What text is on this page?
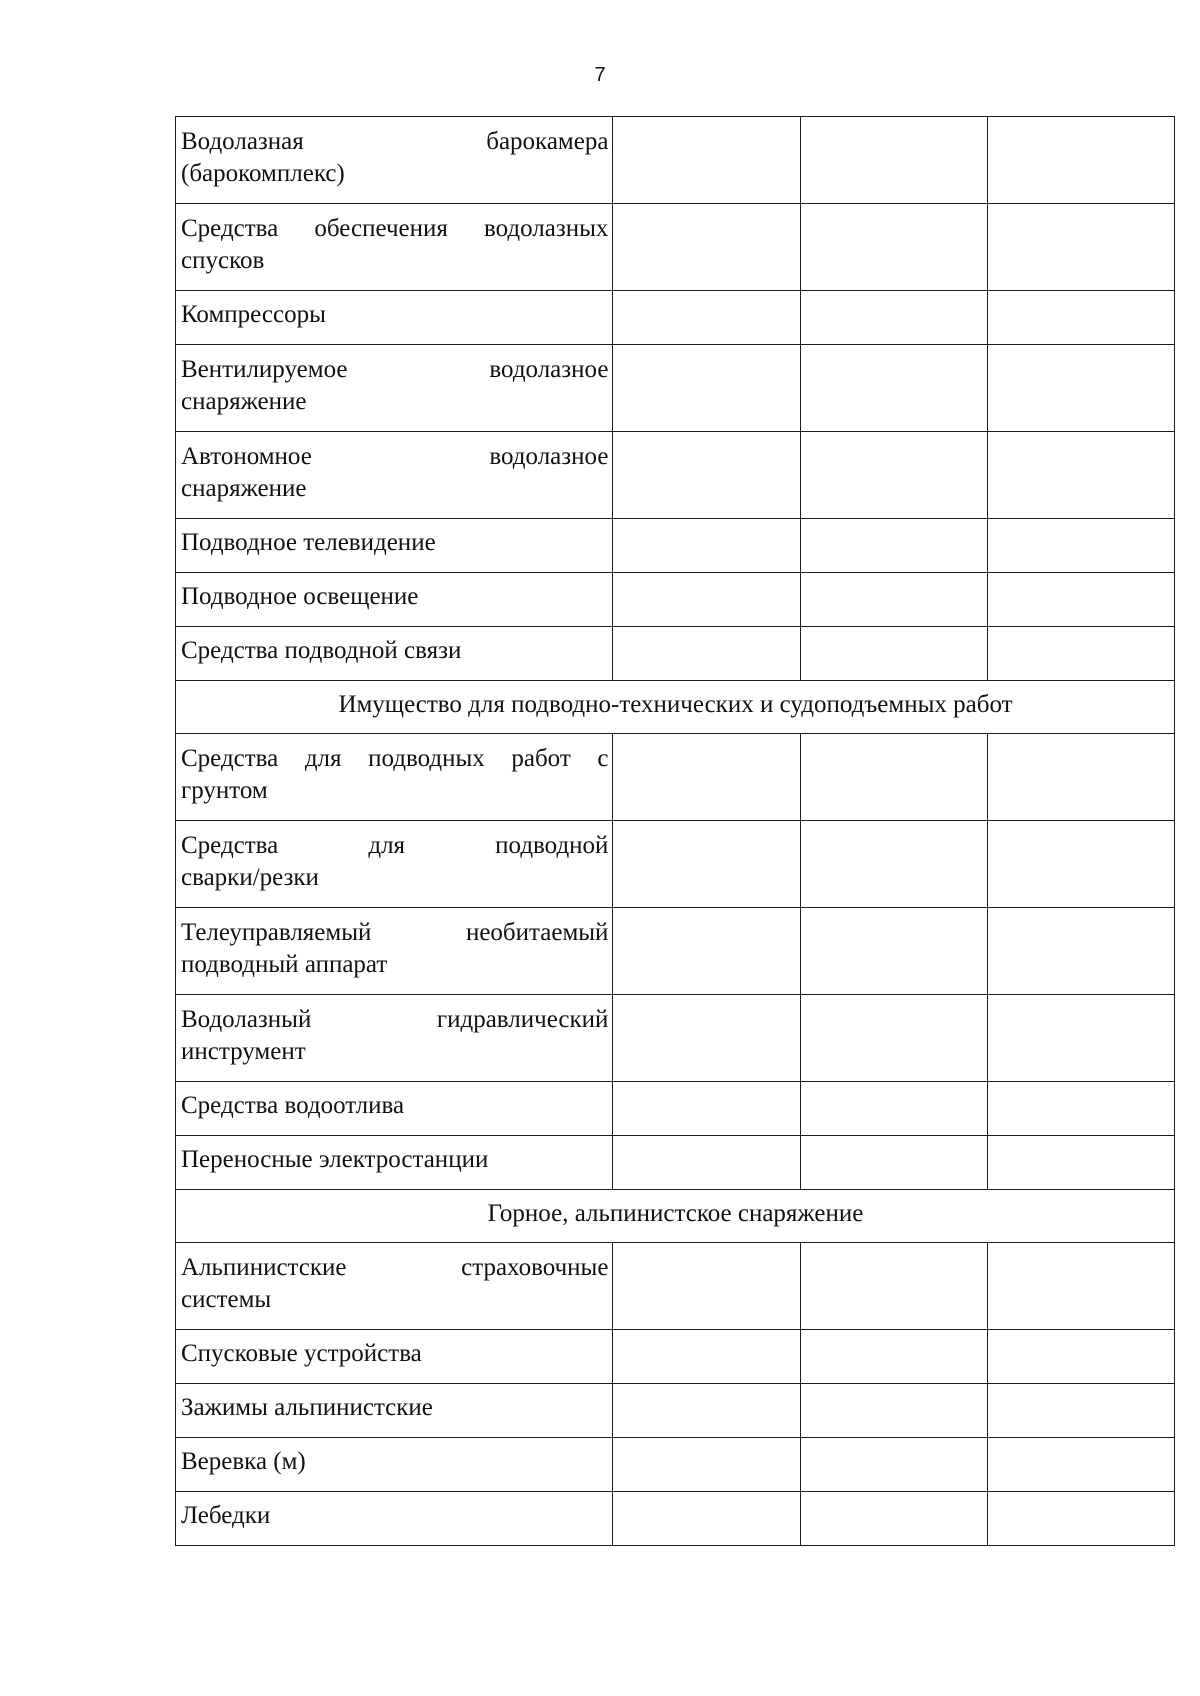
7
Водолазная барокамера
(барокомплекс)			

Средства обеспечения водолазных
спусков			

Компрессоры			

Вентилируемое водолазное
снаряжение			

Автономное водолазное
снаряжение			

Подводное телевидение			

Подводное освещение			

Средства подводной связи			

Имущество для подводно-технических и судоподъемных работ			

Средства для подводных работ с
грунтом			

Средства для подводной
сварки/резки			

Телеуправляемый необитаемый
подводный аппарат			

Водолазный гидравлический
инструмент			

Средства водоотлива			

Переносные электростанции			

Горное, альпинистское снаряжение			

Альпинистские страховочные
системы			

Спусковые устройства			

Зажимы альпинистские			

Веревка (м)			

Лебедки			
